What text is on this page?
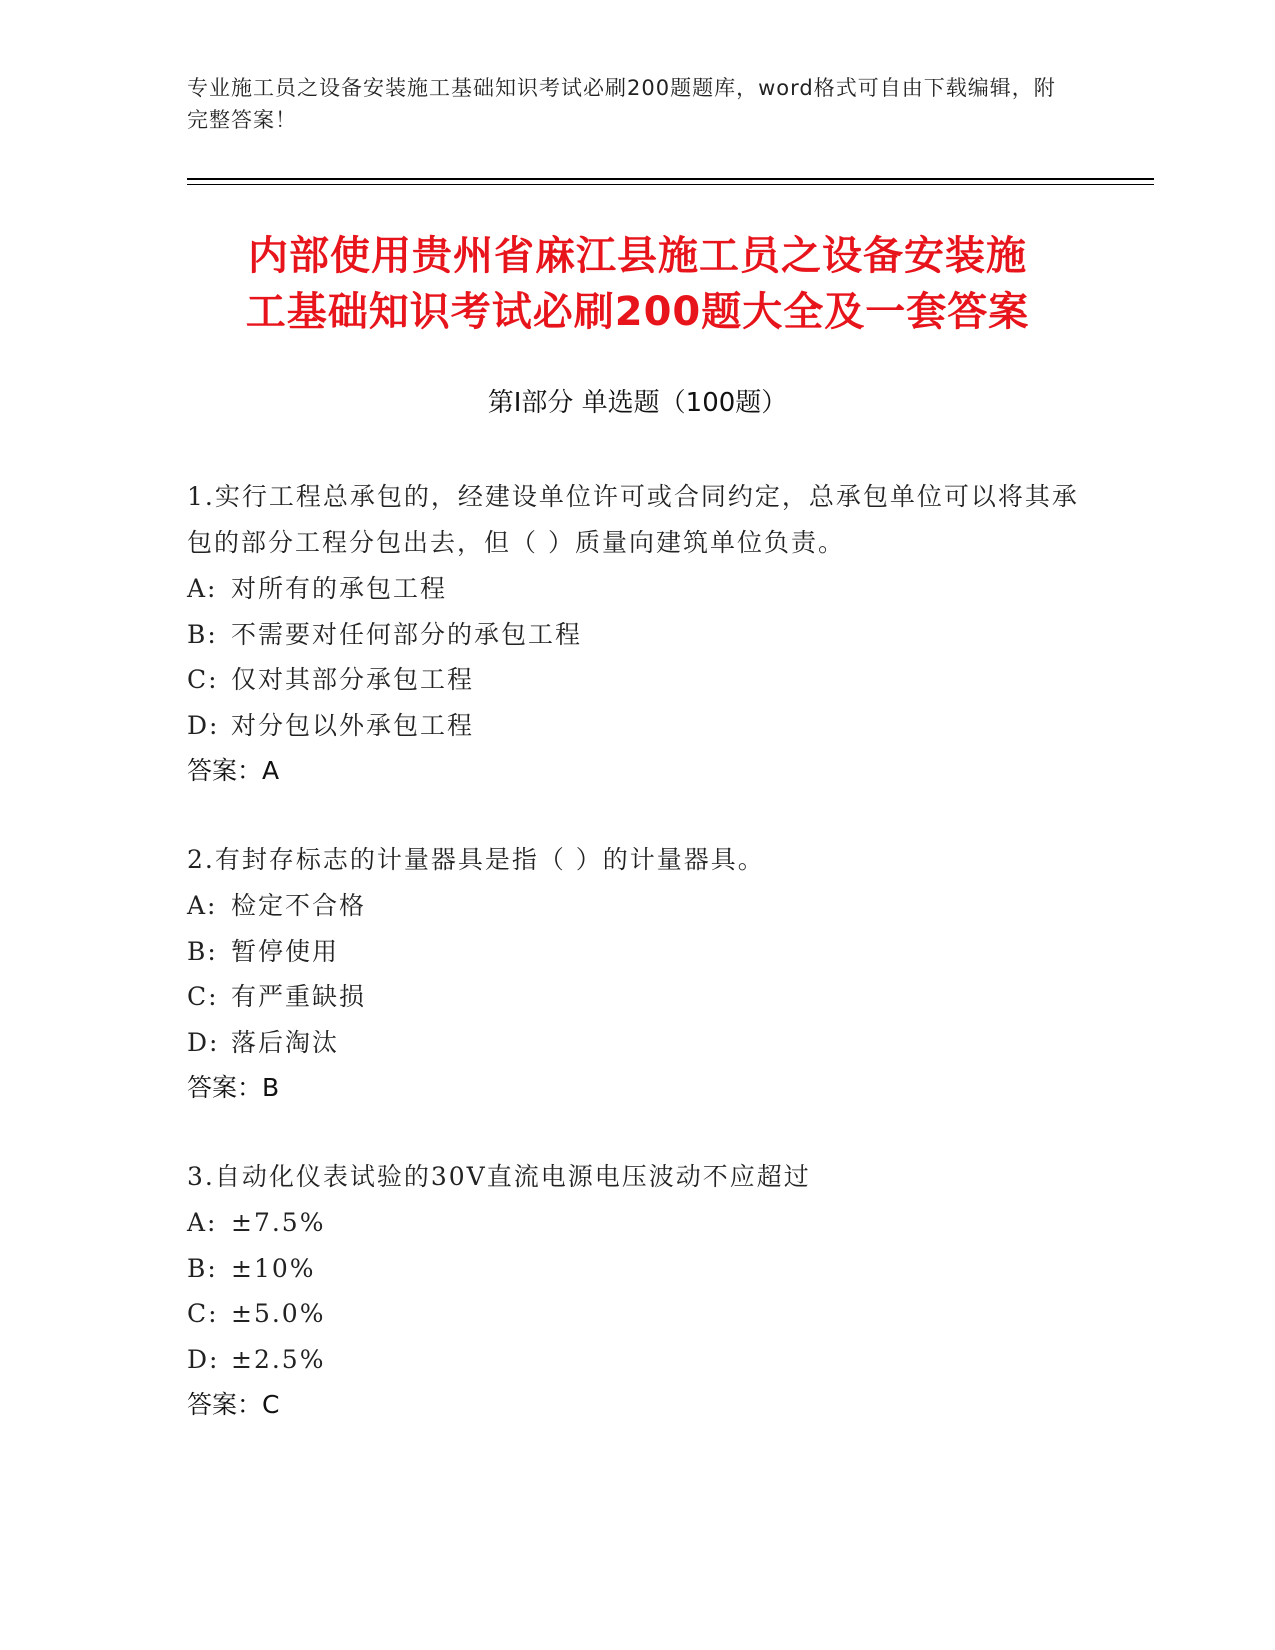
专业施工员之设备安装施工基础知识考试必刷200题题库，word格式可自由下载编辑，附完整答案！
内部使用贵州省麻江县施工员之设备安装施
工基础知识考试必刷200题大全及一套答案
第Ⅰ部分 单选题（100题）
1.实行工程总承包的，经建设单位许可或合同约定，总承包单位可以将其承包的部分工程分包出去，但（ ）质量向建筑单位负责。
A: 对所有的承包工程
B: 不需要对任何部分的承包工程
C: 仅对其部分承包工程
D: 对分包以外承包工程
答案：A
2.有封存标志的计量器具是指（ ）的计量器具。
A: 检定不合格
B: 暂停使用
C: 有严重缺损
D: 落后淘汰
答案：B
3.自动化仪表试验的30V直流电源电压波动不应超过
A: ±7.5%
B: ±10%
C: ±5.0%
D: ±2.5%
答案：C
